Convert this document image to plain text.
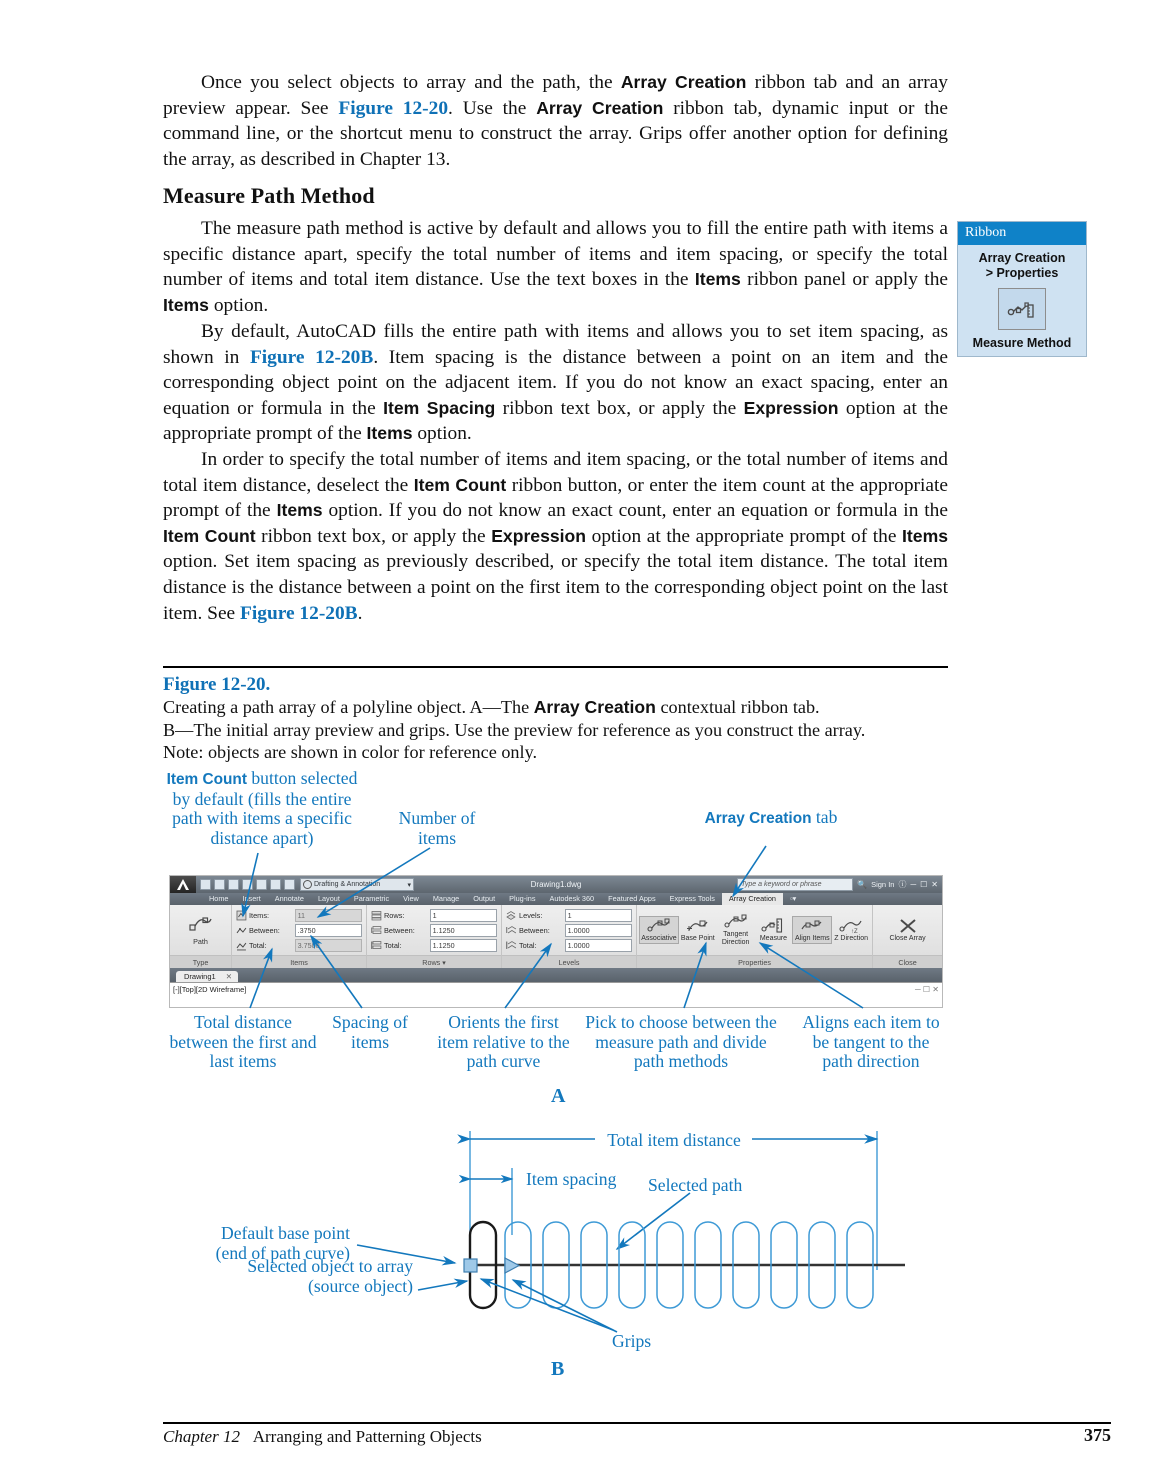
Once you select objects to array and the path, the Array Creation ribbon tab and an array preview appear. See Figure 12-20. Use the Array Creation ribbon tab, dynamic input or the command line, or the shortcut menu to construct the array. Grips offer another option for defining the array, as described in Chapter 13.

Measure Path Method

The measure path method is active by default and allows you to fill the entire path with items a specific distance apart, specify the total number of items and item spacing, or specify the total number of items and total item distance. Use the text boxes in the Items ribbon panel or apply the Items option.

By default, AutoCAD fills the entire path with items and allows you to set item spacing, as shown in Figure 12-20B. Item spacing is the distance between a point on an item and the corresponding object point on the adjacent item. If you do not know an exact spacing, enter an equation or formula in the Item Spacing ribbon text box, or apply the Expression option at the appropriate prompt of the Items option.

In order to specify the total number of items and item spacing, or the total number of items and total item distance, deselect the Item Count ribbon button, or enter the item count at the appropriate prompt of the Items option. If you do not know an exact count, enter an equation or formula in the Item Count ribbon text box, or apply the Expression option at the appropriate prompt of the Items option. Set item spacing as previously described, or specify the total item distance. The total item distance is the distance between a point on the first item to the corresponding object point on the last item. See Figure 12-20B.

Ribbon
Array Creation
> Properties
Measure Method
Figure 12-20.
Creating a path array of a polyline object. A—The Array Creation contextual ribbon tab.
B—The initial array preview and grips. Use the preview for reference as you construct the array.
Note: objects are shown in color for reference only.
Item Count button selected by default (fills the entire path with items a specific distance apart)
Number of items
Array Creation tab
Drafting & Annotation	▾	Drawing1.dwg	Type a keyword or phrase	🔍 Sign In ⓘ ─ ☐ ✕
Home	Insert	Annotate	Layout	Parametric	View	Manage	Output	Plug-ins	Autodesk 360	Featured Apps	Express Tools	Array Creation	▫▾
Path
Type
Items:	11
Between:	.3750
Total:	3.7500
Items
Rows:	1
Between:	1.1250
Total:	1.1250
Rows ▾
Levels:	1
Between:	1.0000
Total:	1.0000
Levels
Associative Base Point
Tangent Direction
Measure Align Items
↑Z
Z Direction
Properties
Close Array
Close
Drawing1 ✕
[-][Top][2D Wireframe]	─ ☐ ✕
Total distance between the first and last items
Spacing of items
Orients the first item relative to the path curve
Pick to choose between the measure path and divide path methods
Aligns each item to be tangent to the path direction
A
Total item distance
Item spacing	Selected path
Default base point
(end of path curve)
Selected object to array
(source object)
Grips
B
Chapter 12 Arranging and Patterning Objects	375
